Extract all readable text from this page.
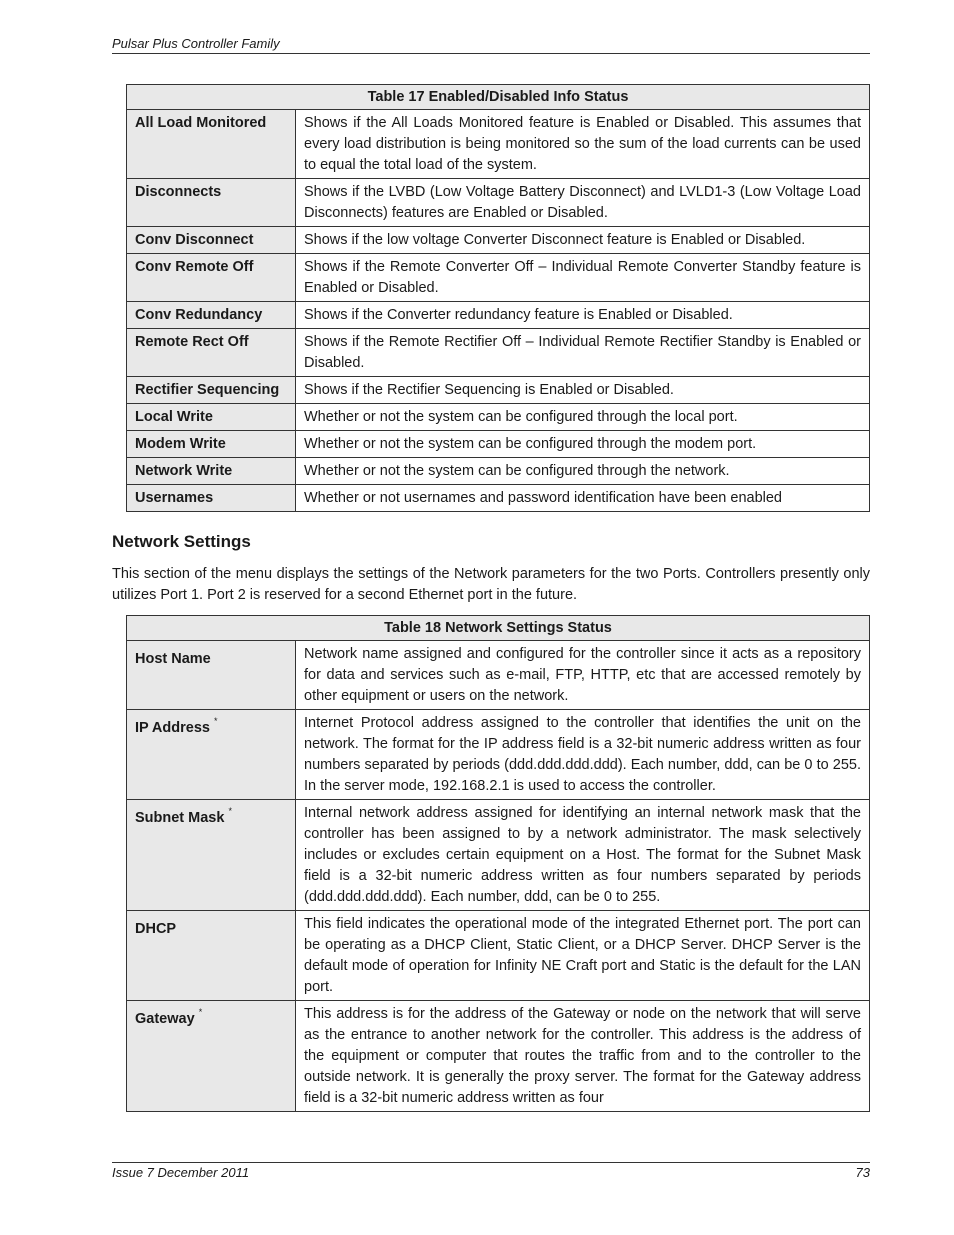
Pulsar Plus Controller Family
Table 17 Enabled/Disabled Info Status	
All Load Monitored	Shows if the All Loads Monitored feature is Enabled or Disabled. This assumes that every load distribution is being monitored so the sum of the load currents can be used to equal the total load of the system.
Disconnects	Shows if the LVBD (Low Voltage Battery Disconnect) and LVLD1-3 (Low Voltage Load Disconnects) features are Enabled or Disabled.
Conv Disconnect	Shows if the low voltage Converter Disconnect feature is Enabled or Disabled.
Conv Remote Off	Shows if the Remote Converter Off – Individual Remote Converter Standby feature is Enabled or Disabled.
Conv Redundancy	Shows if the Converter redundancy feature is Enabled or Disabled.
Remote Rect Off	Shows if the Remote Rectifier Off – Individual Remote Rectifier Standby is Enabled or Disabled.
Rectifier Sequencing	Shows if the Rectifier Sequencing is Enabled or Disabled.
Local Write	Whether or not the system can be configured through the local port.
Modem Write	Whether or not the system can be configured through the modem port.
Network Write	Whether or not the system can be configured through the network.
Usernames	Whether or not usernames and password identification have been enabled
Network Settings
This section of the menu displays the settings of the Network parameters for the two Ports. Controllers presently only utilizes Port 1. Port 2 is reserved for a second Ethernet port in the future.
Table 18 Network Settings Status	
Host Name	Network name assigned and configured for the controller since it acts as a repository for data and services such as e-mail, FTP, HTTP, etc that are accessed remotely by other equipment or users on the network.
IP Address *	Internet Protocol address assigned to the controller that identifies the unit on the network. The format for the IP address field is a 32-bit numeric address written as four numbers separated by periods (ddd.ddd.ddd.ddd). Each number, ddd, can be 0 to 255. In the server mode, 192.168.2.1 is used to access the controller.
Subnet Mask *	Internal network address assigned for identifying an internal network mask that the controller has been assigned to by a network administrator. The mask selectively includes or excludes certain equipment on a Host. The format for the Subnet Mask field is a 32-bit numeric address written as four numbers separated by periods (ddd.ddd.ddd.ddd). Each number, ddd, can be 0 to 255.
DHCP	This field indicates the operational mode of the integrated Ethernet port. The port can be operating as a DHCP Client, Static Client, or a DHCP Server. DHCP Server is the default mode of operation for Infinity NE Craft port and Static is the default for the LAN port.
Gateway *	This address is for the address of the Gateway or node on the network that will serve as the entrance to another network for the controller. This address is the address of the equipment or computer that routes the traffic from and to the controller to the outside network. It is generally the proxy server. The format for the Gateway address field is a 32-bit numeric address written as four
Issue 7 December 2011	73
